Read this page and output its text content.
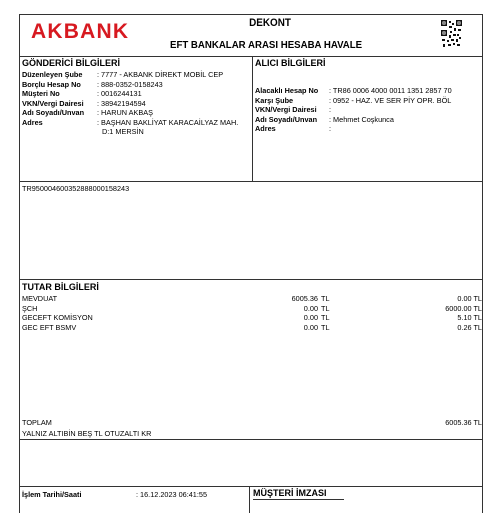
AKBANK	DEKONT
EFT BANKALAR ARASI HESABA HAVALE
GÖNDERİCİ BİLGİLERİ
Düzenleyen Şube : 7777 - AKBANK DİREKT MOBİL CEP
Borçlu Hesap No : 888-0352-0158243
Müşteri No	: 0016244131
VKN/Vergi Dairesi : 38942194594
Adı Soyadı/Unvan : HARUN AKBAŞ
Adres	: BAŞHAN BAKLİYAT KARACAİLYAZ MAH.
D:1 MERSİN
ALICI BİLGİLERİ
Alacaklı Hesap No : TR86 0006 4000 0011 1351 2857 70
Karşı Şube	: 0952 - HAZ. VE SER PİY OPR. BÖL
VKN/Vergi Dairesi :
Adı Soyadı/Unvan : Mehmet Coşkunca
Adres	:
TR950004600352888000158243
TUTAR BİLGİLERİ
MEVDUAT	6005.36 TL	0.00 TL
ŞCH	0.00 TL	6000.00 TL
GECEFT KOMİSYON	0.00 TL	5.10 TL
GEC EFT BSMV	0.00 TL	0.26 TL
TOPLAM	6005.36 TL
YALNIZ ALTIBİN BEŞ TL OTUZALTI KR
İşlem Tarihi/Saati	: 16.12.2023 06:41:55	MÜŞTERİ İMZASI
